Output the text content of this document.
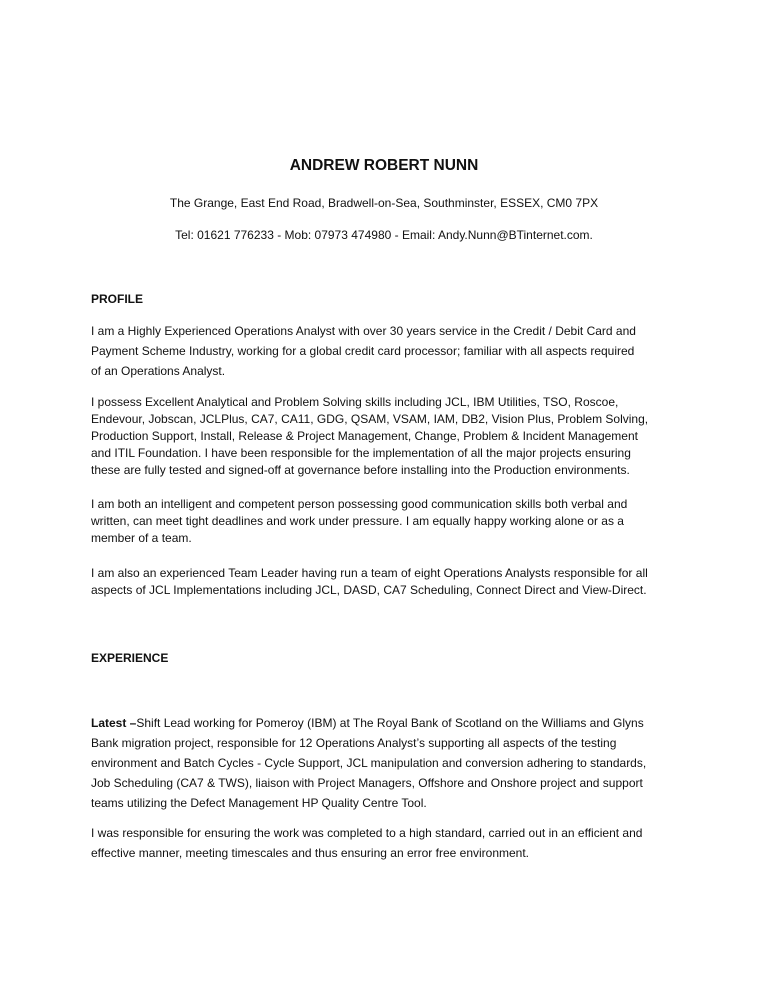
ANDREW ROBERT NUNN
The Grange, East End Road, Bradwell-on-Sea, Southminster, ESSEX, CM0 7PX
Tel: 01621 776233 - Mob: 07973 474980 - Email: Andy.Nunn@BTinternet.com.
PROFILE

I am a Highly Experienced Operations Analyst with over 30 years service in the Credit / Debit Card and
Payment Scheme Industry, working for a global credit card processor; familiar with all aspects required
of an Operations Analyst.

I possess Excellent Analytical and Problem Solving skills including JCL, IBM Utilities, TSO, Roscoe,
Endevour, Jobscan, JCLPlus, CA7, CA11, GDG, QSAM, VSAM, IAM, DB2, Vision Plus, Problem Solving,
Production Support, Install, Release & Project Management, Change, Problem & Incident Management
and ITIL Foundation. I have been responsible for the implementation of all the major projects ensuring
these are fully tested and signed-off at governance before installing into the Production environments.

I am both an intelligent and competent person possessing good communication skills both verbal and
written, can meet tight deadlines and work under pressure. I am equally happy working alone or as a
member of a team.

I am also an experienced Team Leader having run a team of eight Operations Analysts responsible for all
aspects of JCL Implementations including JCL, DASD, CA7 Scheduling, Connect Direct and View-Direct.

EXPERIENCE

Latest –Shift Lead working for Pomeroy (IBM) at The Royal Bank of Scotland on the Williams and Glyns
Bank migration project, responsible for 12 Operations Analyst’s supporting all aspects of the testing
environment and Batch Cycles - Cycle Support, JCL manipulation and conversion adhering to standards,
Job Scheduling (CA7 & TWS), liaison with Project Managers, Offshore and Onshore project and support
teams utilizing the Defect Management HP Quality Centre Tool.

I was responsible for ensuring the work was completed to a high standard, carried out in an efficient and
effective manner, meeting timescales and thus ensuring an error free environment.
